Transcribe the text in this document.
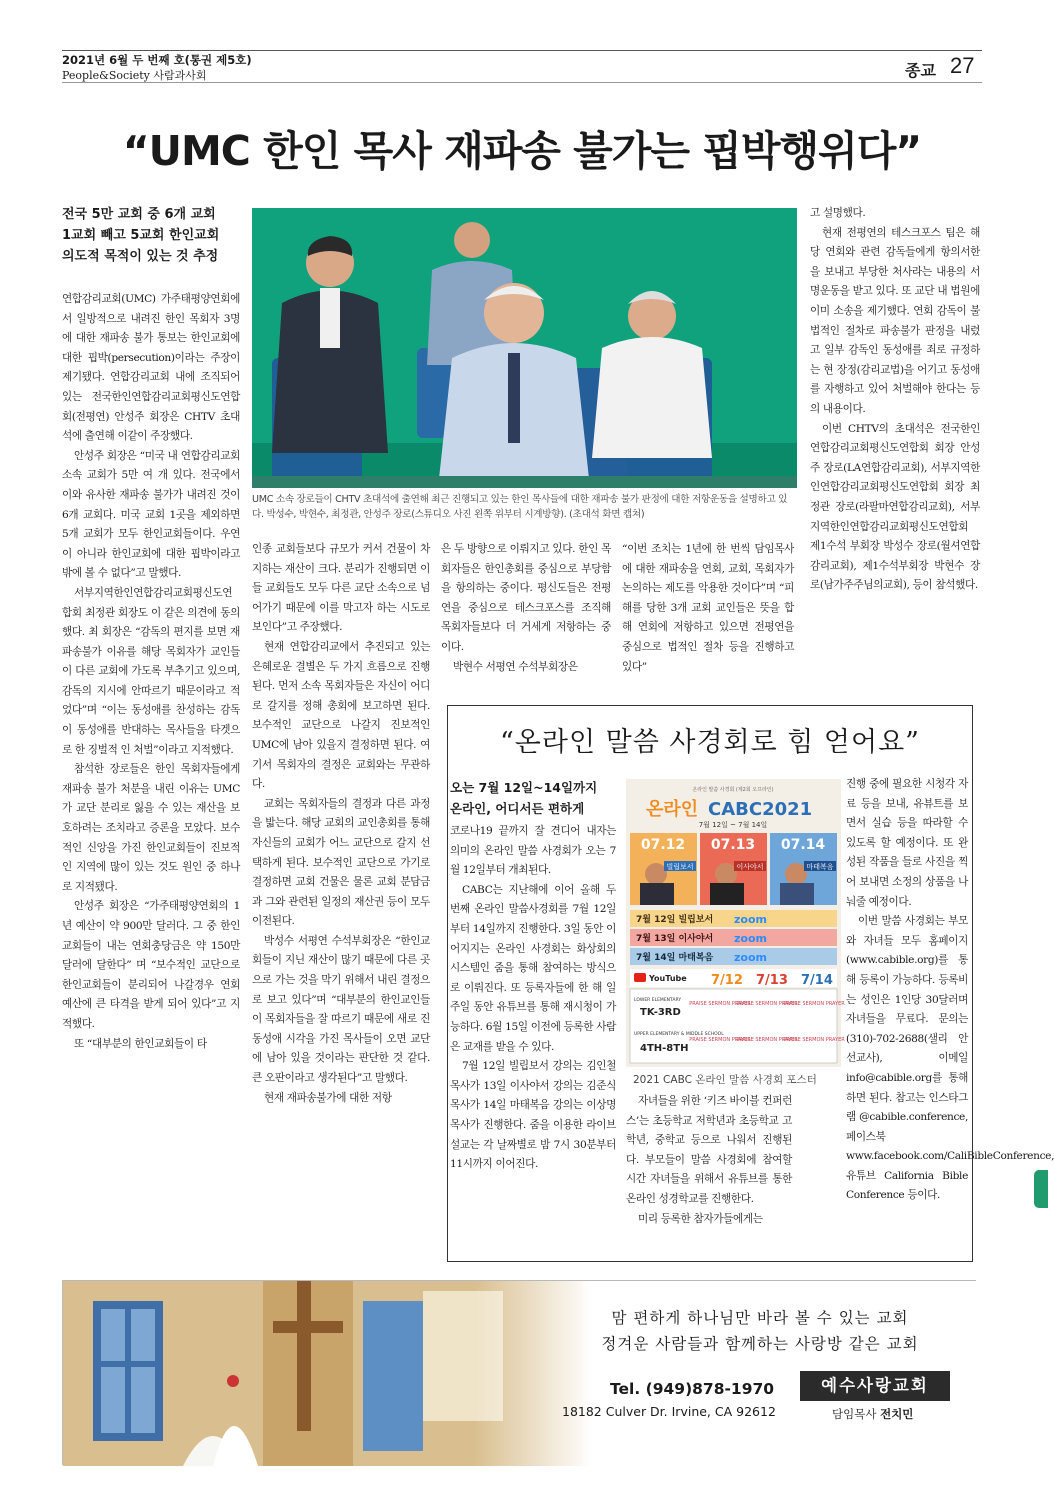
2021년 6월 두 번째 호(통권 제5호)
People&Society 사람과사회	종교 27
“UMC 한인 목사 재파송 불가는 핍박행위다”
전국 5만 교회 중 6개 교회
1교회 빼고 5교회 한인교회
의도적 목적이 있는 것 추정

연합감리교회(UMC) 가주태평양연회에서 일방적으로 내려진 한인 목회자 3명에 대한 재파송 불가 통보는 한인교회에 대한 핍박(persecution)이라는 주장이 제기됐다. 연합감리교회 내에 조직되어 있는 전국한인연합감리교회평신도연합회(전평연) 안성주 회장은 CHTV 초대석에 출연해 이같이 주장했다.

안성주 회장은 “미국 내 연합감리교회 소속 교회가 5만 여 개 있다. 전국에서 이와 유사한 재파송 불가가 내려진 것이 6개 교회다. 미국 교회 1곳을 제외하면 5개 교회가 모두 한인교회들이다. 우연이 아니라 한인교회에 대한 핍박이라고 밖에 볼 수 없다”고 말했다.

서부지역한인연합감리교회평신도연합회 최정관 회장도 이 같은 의견에 동의했다. 최 회장은 “감독의 편지를 보면 재파송불가 이유를 해당 목회자가 교인들이 다른 교회에 가도록 부추기고 있으며, 감독의 지시에 안따르기 때문이라고 적었다”며 “이는 동성애를 찬성하는 감독이 동성애를 반대하는 목사들을 타겟으로 한 징벌적 인 처벌”이라고 지적했다.

참석한 장로들은 한인 목회자들에게 재파송 불가 처분을 내린 이유는 UMC가 교단 분리로 잃을 수 있는 재산을 보호하려는 조치라고 증론을 모았다. 보수적인 신앙을 가진 한인교회들이 진보적인 지역에 많이 있는 것도 원인 중 하나로 지적됐다.

안성주 회장은 “가주태평양연회의 1년 예산이 약 900만 달러다. 그 중 한인교회들이 내는 연회충당금은 약 150만 달러에 달한다” 며 “보수적인 교단으로 한인교회들이 분리되어 나갈경우 연회 예산에 큰 타격을 받게 되어 있다”고 지적했다.

또 “대부분의 한인교회들이 타

UMC 소속 장로들이 CHTV 초대석에 출연해 최근 진행되고 있는 한인 목사들에 대한 재파송 불가 판정에 대한 저항운동을 설명하고 있다. 박성수, 박현수, 최정관, 안성주 장로(스튜디오 사진 왼쪽 위부터 시계방향). (초대석 화면 캡쳐)

인종 교회들보다 규모가 커서 건물이 차지하는 재산이 크다. 분리가 진행되면 이들 교회들도 모두 다른 교단 소속으로 넘어가기 때문에 이를 막고자 하는 시도로 보인다”고 주장했다.

현재 연합감리교에서 추진되고 있는 은혜로운 결별은 두 가지 흐름으로 진행된다. 먼저 소속 목회자들은 자신이 어디로 갈지를 정해 총회에 보고하면 된다. 보수적인 교단으로 나갈지 진보적인 UMC에 남아 있을지 결정하면 된다. 여기서 목회자의 결정은 교회와는 무관하다.

교회는 목회자들의 결정과 다른 과정을 밟는다. 해당 교회의 교인총회를 통해 자신들의 교회가 어느 교단으로 갈지 선택하게 된다. 보수적인 교단으로 가기로 결정하면 교회 건물은 물론 교회 분담금과 그와 관련된 일정의 재산권 등이 모두 이전된다.

박성수 서평연 수석부회장은 “한인교회들이 지닌 재산이 많기 때문에 다른 곳으로 가는 것을 막기 위해서 내린 결정으로 보고 있다”며 “대부분의 한인교인들이 목회자들을 잘 따르기 때문에 새로 진동성애 시각을 가진 목사들이 오면 교단에 남아 있을 것이라는 판단한 것 같다. 큰 오판이라고 생각된다”고 말했다.

현재 재파송불가에 대한 저항

은 두 방향으로 이뤄지고 있다. 한인 목회자들은 한인총회를 중심으로 부당함을 항의하는 중이다. 평신도들은 전평연을 중심으로 테스크포스를 조직해 목회자들보다 더 거세게 저항하는 중이다.

박현수 서평연 수석부회장은

“이번 조치는 1년에 한 번씩 담임목사에 대한 재파송을 연회, 교회, 목회자가 논의하는 제도를 악용한 것이다”며 “피해를 당한 3개 교회 교인들은 뜻을 합해 연회에 저항하고 있으면 전평연을 중심으로 법적인 절차 등을 진행하고 있다”

고 설명했다.

현재 전평연의 테스크포스 팀은 해당 연회와 관련 감독들에게 항의서한을 보내고 부당한 처사라는 내용의 서명운동을 받고 있다. 또 교단 내 법원에 이미 소송을 제기했다. 연회 감독이 불법적인 절차로 파송불가 판정을 내렸고 일부 감독인 동성애를 죄로 규정하는 현 장정(감리교법)을 어기고 동성애를 자행하고 있어 처벌해야 한다는 등의 내용이다.

이번 CHTV의 초대석은 전국한인연합감리교회평신도연합회 회장 안성주 장로(LA연합감리교회), 서부지역한인연합감리교회평신도연합회 회장 최정관 장로(라팔마연합감리교회), 서부지역한인연합감리교회평신도연합회 제1수석 부회장 박성수 장로(월셔연합감리교회), 제1수석부회장 박현수 장로(남가주주님의교회), 등이 참석했다.

“온라인 말씀 사경회로 힘 얻어요”
오는 7월 12일~14일까지
온라인, 어디서든 편하게

코로나19 끝까지 잘 견디어 내자는 의미의 온라인 말씀 사경회가 오는 7월 12일부터 개최된다.

CABC는 지난해에 이어 올해 두 번째 온라인 말씀사경회를 7월 12일부터 14일까지 진행한다. 3일 동안 이어지지는 온라인 사경회는 화상회의 시스템인 줌을 통해 참여하는 방식으로 이뤄진다. 또 등록자들에 한 해 일주일 동안 유튜브를 통해 재시청이 가능하다. 6월 15일 이전에 등록한 사람은 교재를 받을 수 있다.

7월 12일 빌립보서 강의는 김인철 목사가 13일 이사야서 강의는 김준식 목사가 14일 마태복음 강의는 이상명 목사가 진행한다. 줌을 이용한 라이브 설교는 각 날짜별로 밤 7시 30분부터 11시까지 이어진다.

자녀들을 위한 ‘키즈 바이블 컨퍼런스’는 초등학교 저학년과 초등학교 고학년, 중학교 등으로 나워서 진행된다. 부모들이 말씀 사경회에 참여할 시간 자녀들을 위해서 유튜브를 통한 온라인 성경학교를 진행한다.

미리 등록한 참자가들에게는

진행 중에 필요한 시청각 자료 등을 보내, 유뷰트를 보면서 실습 등을 따라할 수 있도록 할 예정이다. 또 완성된 작품을 들로 사진을 찍어 보내면 소정의 상품을 나눠줄 예정이다.

이번 말씀 사경회는 부모와 자녀들 모두 홈페이지(www.cabible.org)를 통해 등록이 가능하다. 등록비는 성인은 1인당 30달러며 자녀들을 무료다. 문의는 (310)-702-2688(샐리 안 선교사), 이메일 info@cabible.org를 통해 하면 된다. 참고는 인스타그램 @cabible.conference, 페이스북 www.facebook.com/CaliBibleConference, 유튜브 California Bible Conference 등이다.

온라인 말씀 사경회 (제2회 오프라인)
온라인 CABC2021
7월 12일 ~ 7월 14일
07.12 07.13 07.14
빌립보서	이사야서	마태복음
7월 12일 빌립보서
7월 13일 이사야서
7월 14일 마태복음
zoom
zoom
zoom
YouTube 7/12 7/13 7/14
LOWER ELEMENTARY
TK-3RD
UPPER ELEMENTARY & MIDDLE SCHOOL
4TH-8TH
PRAISE SERMON PRAYER
PRAISE SERMON PRAYER
PRAISE SERMON PRAYER
PRAISE SERMON PRAYER
PRAISE SERMON PRAYER
PRAISE SERMON PRAYER
2021 CABC 온라인 말씀 사경회 포스터
맘 편하게 하나님만 바라 볼 수 있는 교회
정겨운 사람들과 함께하는 사랑방 같은 교회
Tel. (949)878-1970
18182 Culver Dr. Irvine, CA 92612
예수사랑교회
담임목사 전치민
